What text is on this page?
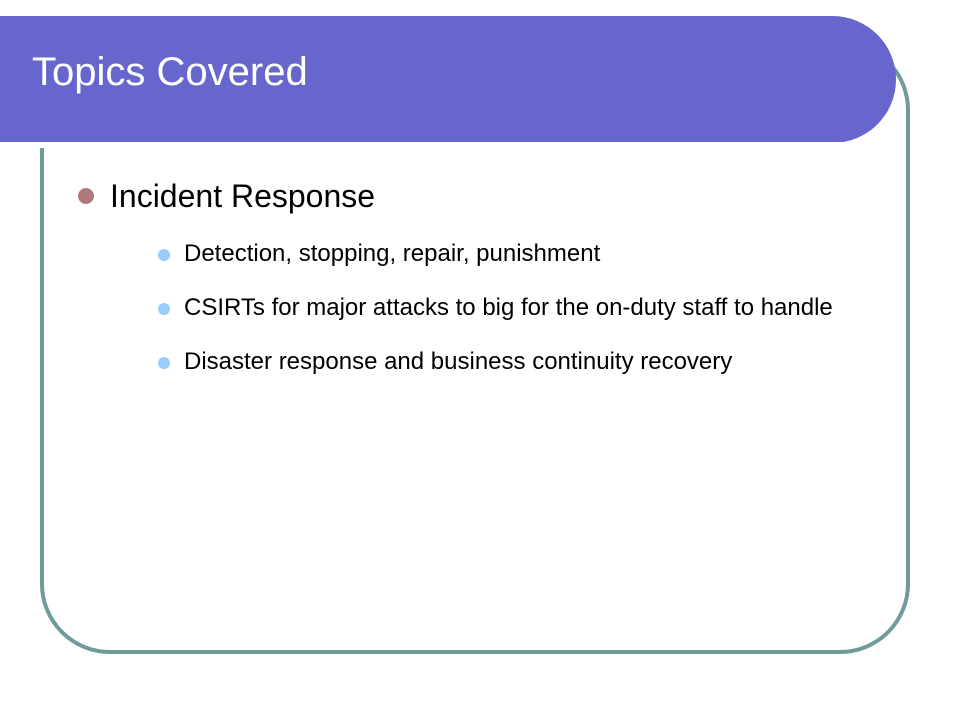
Topics Covered
Incident Response
Detection, stopping, repair, punishment
CSIRTs for major attacks to big for the on-duty staff to handle
Disaster response and business continuity recovery
